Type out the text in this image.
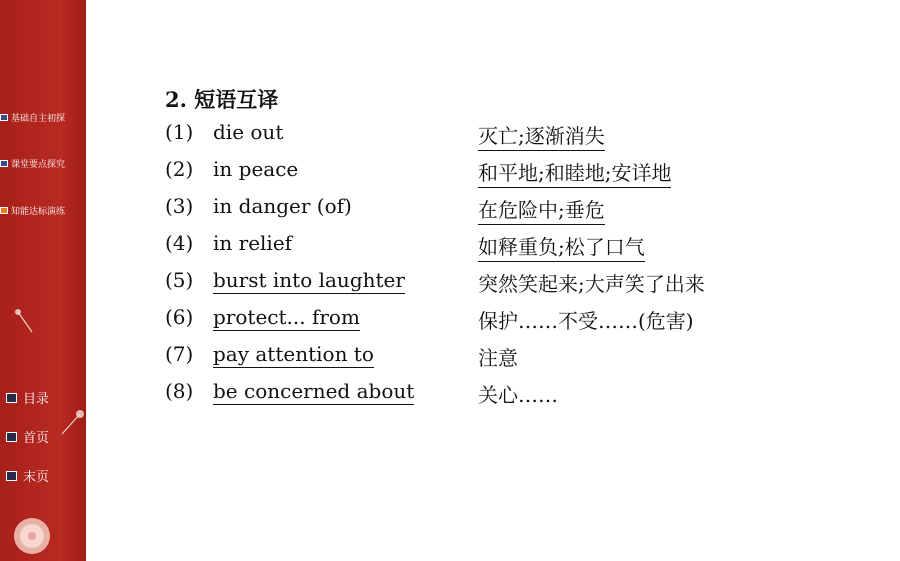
基础自主初探
课堂要点探究
知能达标演练
目录
首页
末页
2. 短语互译
(1) die out	灭亡;逐渐消失
(2) in peace	和平地;和睦地;安详地
(3) in danger (of)	在危险中;垂危
(4) in relief	如释重负;松了口气
(5) burst into laughter	突然笑起来;大声笑了出来
(6) protect... from	保护……不受……(危害)
(7) pay attention to	注意
(8) be concerned about	关心……
